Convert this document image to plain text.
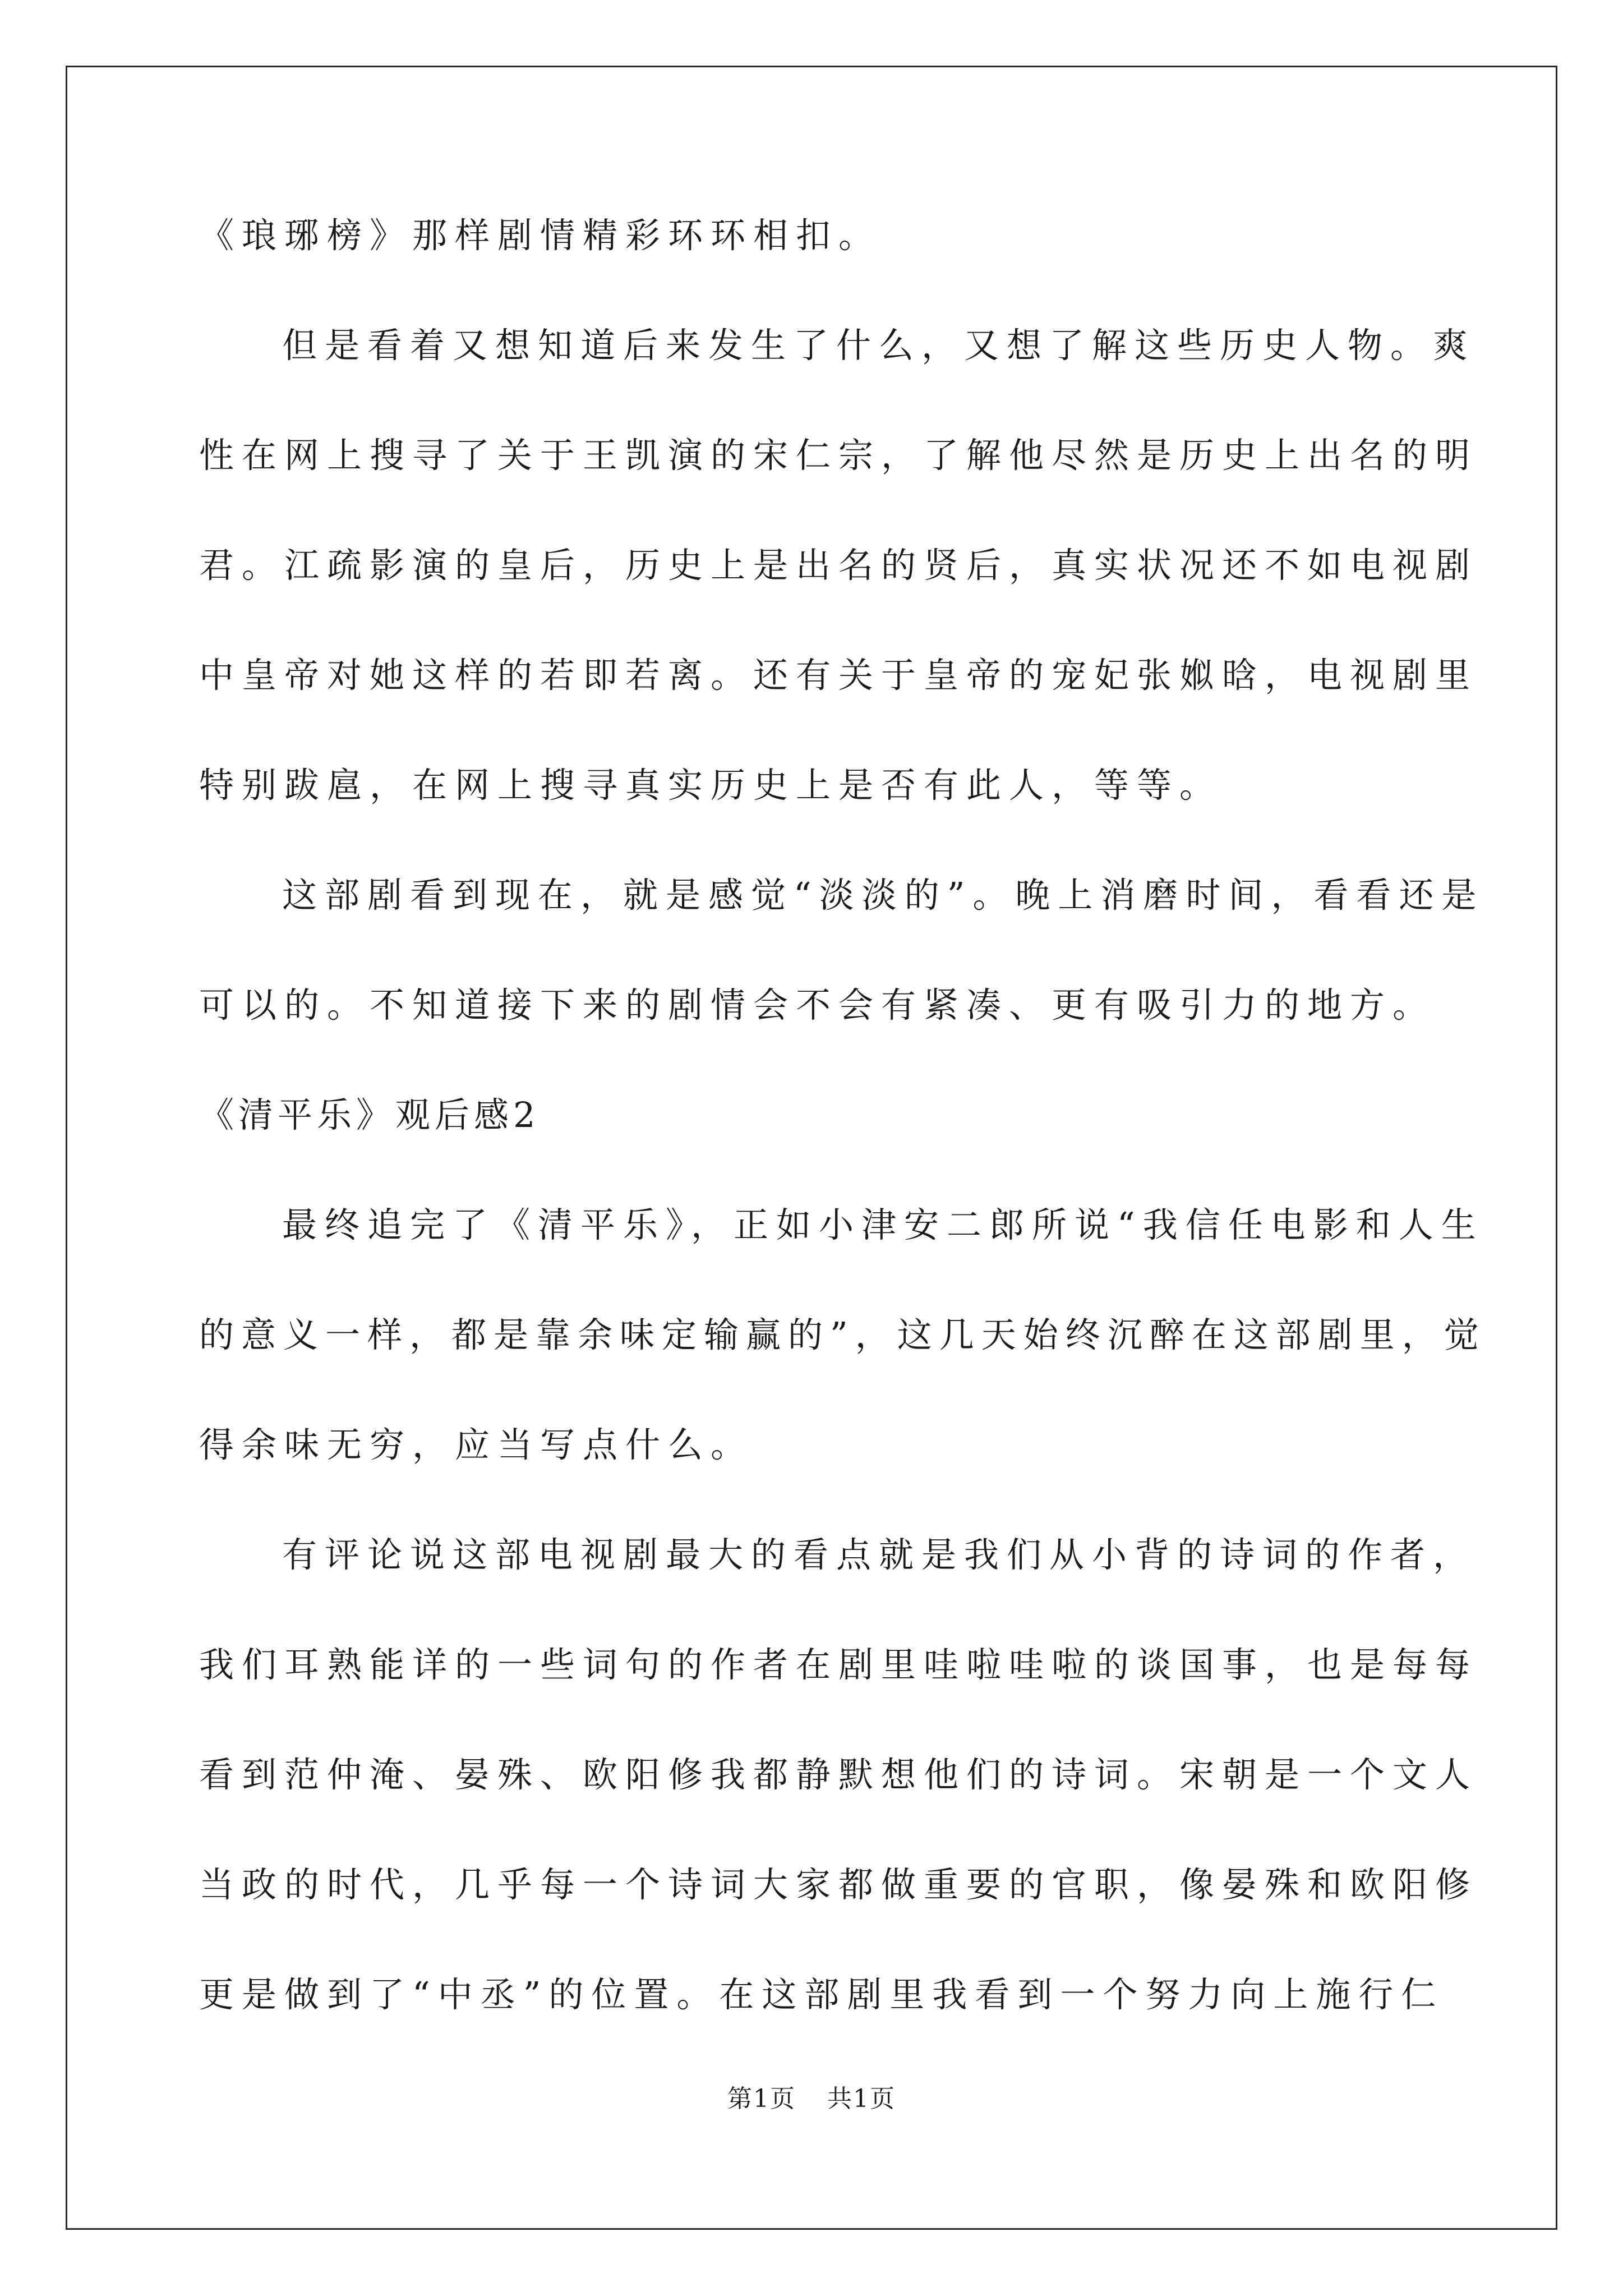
《琅琊榜》那样剧情精彩环环相扣。
但是看着又想知道后来发生了什么，又想了解这些历史人物。爽
性在网上搜寻了关于王凯演的宋仁宗，了解他尽然是历史上出名的明
君。江疏影演的皇后，历史上是出名的贤后，真实状况还不如电视剧
中皇帝对她这样的若即若离。还有关于皇帝的宠妃张娰晗，电视剧里
特别跋扈，在网上搜寻真实历史上是否有此人，等等。
这部剧看到现在，就是感觉“淡淡的”。晚上消磨时间，看看还是
可以的。不知道接下来的剧情会不会有紧凑、更有吸引力的地方。
《清平乐》观后感2
最终追完了《清平乐》，正如小津安二郎所说“我信任电影和人生
的意义一样，都是靠余味定输赢的”，这几天始终沉醉在这部剧里，觉
得余味无穷，应当写点什么。
有评论说这部电视剧最大的看点就是我们从小背的诗词的作者，
我们耳熟能详的一些词句的作者在剧里哇啦哇啦的谈国事，也是每每
看到范仲淹、晏殊、欧阳修我都静默想他们的诗词。宋朝是一个文人
当政的时代，几乎每一个诗词大家都做重要的官职，像晏殊和欧阳修
更是做到了“中丞”的位置。在这部剧里我看到一个努力向上施行仁
第1页 共1页
